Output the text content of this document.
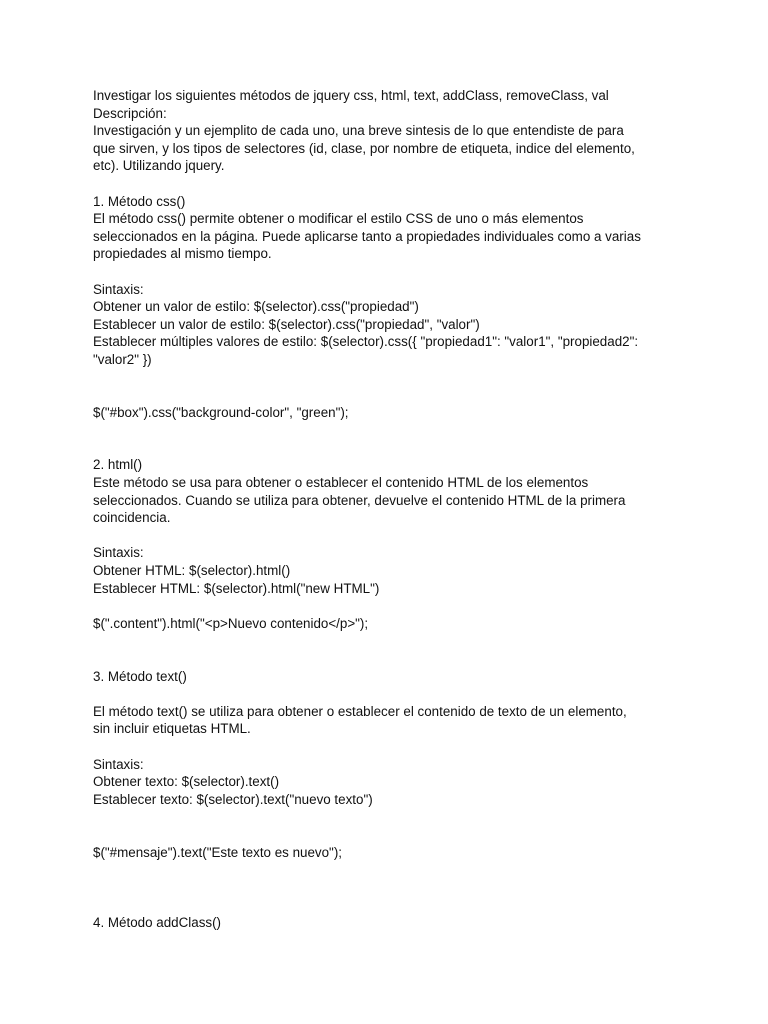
Investigar los siguientes métodos de jquery css, html, text, addClass, removeClass, val
Descripción:
Investigación y un ejemplito de cada uno, una breve sintesis de lo que entendiste de para
que sirven, y los tipos de selectores (id, clase, por nombre de etiqueta, indice del elemento,
etc). Utilizando jquery.
1. Método css()
El método css() permite obtener o modificar el estilo CSS de uno o más elementos
seleccionados en la página. Puede aplicarse tanto a propiedades individuales como a varias
propiedades al mismo tiempo.
Sintaxis:
Obtener un valor de estilo: $(selector).css("propiedad")
Establecer un valor de estilo: $(selector).css("propiedad", "valor")
Establecer múltiples valores de estilo: $(selector).css({ "propiedad1": "valor1", "propiedad2":
"valor2" })
$("#box").css("background-color", "green");
2. html()
Este método se usa para obtener o establecer el contenido HTML de los elementos
seleccionados. Cuando se utiliza para obtener, devuelve el contenido HTML de la primera
coincidencia.
Sintaxis:
Obtener HTML: $(selector).html()
Establecer HTML: $(selector).html("new HTML")
$(".content").html("<p>Nuevo contenido</p>");
3. Método text()
El método text() se utiliza para obtener o establecer el contenido de texto de un elemento,
sin incluir etiquetas HTML.
Sintaxis:
Obtener texto: $(selector).text()
Establecer texto: $(selector).text("nuevo texto")
$("#mensaje").text("Este texto es nuevo");
4. Método addClass()
